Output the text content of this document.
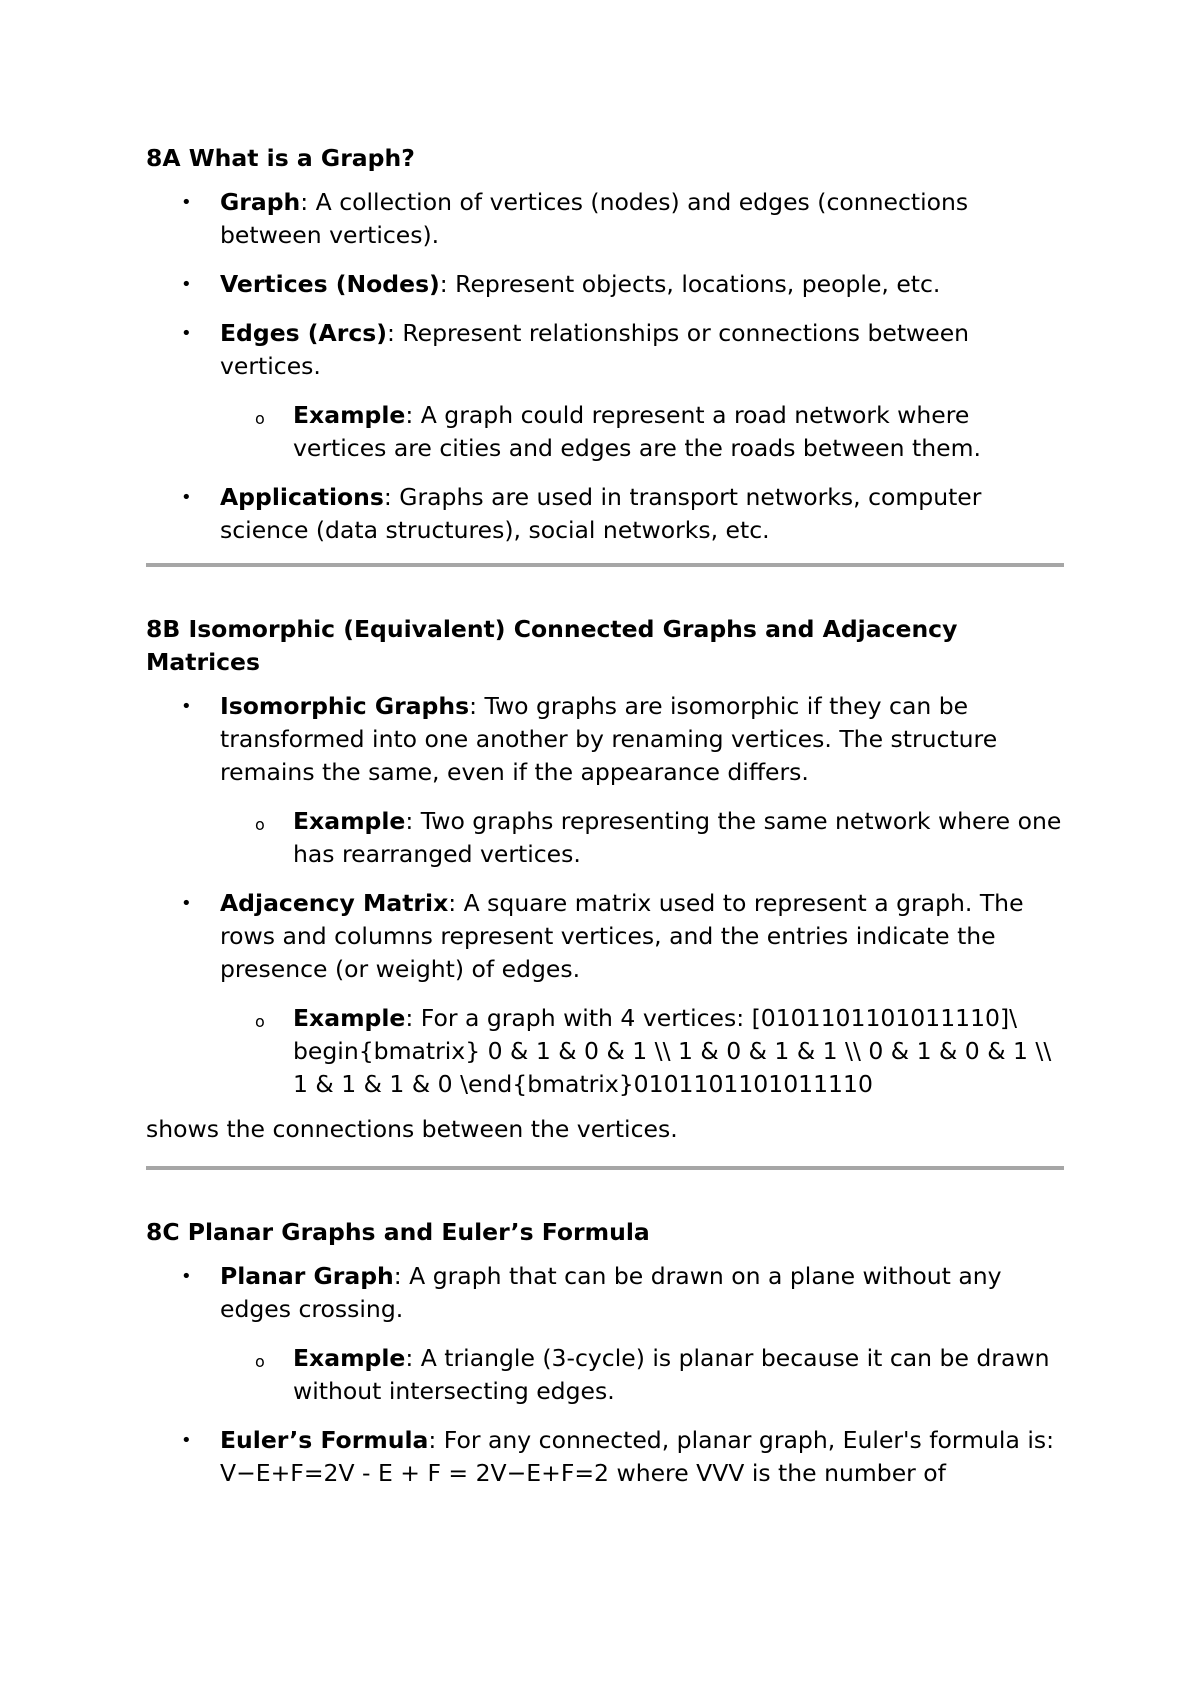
8A What is a Graph?
• Graph: A collection of vertices (nodes) and edges (connections between vertices).
• Vertices (Nodes): Represent objects, locations, people, etc.
• Edges (Arcs): Represent relationships or connections between vertices.
o Example: A graph could represent a road network where vertices are cities and edges are the roads between them.
• Applications: Graphs are used in transport networks, computer science (data structures), social networks, etc.
8B Isomorphic (Equivalent) Connected Graphs and Adjacency Matrices
• Isomorphic Graphs: Two graphs are isomorphic if they can be transformed into one another by renaming vertices. The structure remains the same, even if the appearance differs.
o Example: Two graphs representing the same network where one has rearranged vertices.
• Adjacency Matrix: A square matrix used to represent a graph. The rows and columns represent vertices, and the entries indicate the presence (or weight) of edges.
o Example: For a graph with 4 vertices: [0101101101011110]\ begin{bmatrix} 0 & 1 & 0 & 1 \\ 1 & 0 & 1 & 1 \\ 0 & 1 & 0 & 1 \\ 1 & 1 & 1 & 0 \end{bmatrix}0101101101011110

shows the connections between the vertices.

8C Planar Graphs and Euler’s Formula
• Planar Graph: A graph that can be drawn on a plane without any edges crossing.
o Example: A triangle (3-cycle) is planar because it can be drawn without intersecting edges.
• Euler’s Formula: For any connected, planar graph, Euler's formula is: V−E+F=2V - E + F = 2V−E+F=2 where VVV is the number of
